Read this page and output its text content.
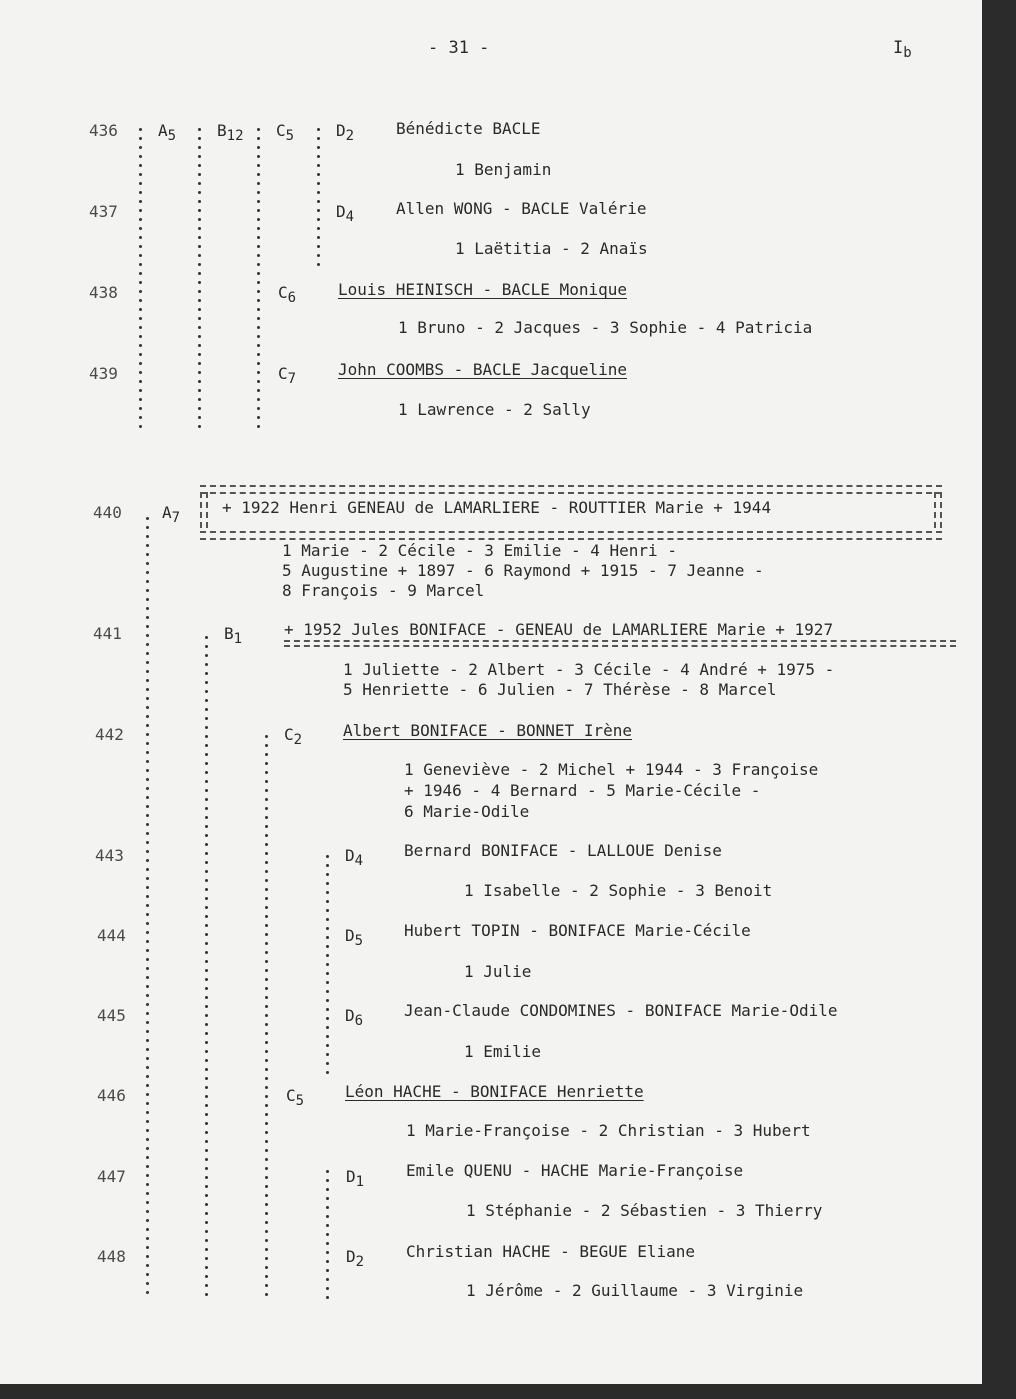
- 31 -	$I_b$
436	$A_5$	$B_{12}$ $C_5$	$D_2$	Bénédicte BACLE
1 Benjamin
437	$D_4$	Allen WONG - BACLE Valérie
1 Laëtitia - 2 Anaïs
438	$C_6$	Louis HEINISCH - BACLE Monique
1 Bruno - 2 Jacques - 3 Sophie - 4 Patricia
439	$C_7$	John COOMBS - BACLE Jacqueline
1 Lawrence - 2 Sally
440	$A_7$
+ 1922 Henri GENEAU de LAMARLIERE - ROUTTIER Marie + 1944
1 Marie - 2 Cécile - 3 Emilie - 4 Henri -
5 Augustine + 1897 - 6 Raymond + 1915 - 7 Jeanne -
8 François - 9 Marcel
441	$B_1$	+ 1952 Jules BONIFACE - GENEAU de LAMARLIERE Marie + 1927
1 Juliette - 2 Albert - 3 Cécile - 4 André + 1975 -
5 Henriette - 6 Julien - 7 Thérèse - 8 Marcel
442	$C_2$	Albert BONIFACE - BONNET Irène
1 Geneviève - 2 Michel + 1944 - 3 Françoise
+ 1946 - 4 Bernard - 5 Marie-Cécile -
6 Marie-Odile
443	$D_4$
Bernard BONIFACE - LALLOUE Denise
1 Isabelle - 2 Sophie - 3 Benoit
444	$D_5$
Hubert TOPIN - BONIFACE Marie-Cécile
1 Julie
445	$D_6$
Jean-Claude CONDOMINES - BONIFACE Marie-Odile
1 Emilie
446	$C_5$	Léon HACHE - BONIFACE Henriette
1 Marie-Françoise - 2 Christian - 3 Hubert
447	$D_1$
Emile QUENU - HACHE Marie-Françoise
1 Stéphanie - 2 Sébastien - 3 Thierry
448	$D_2$
Christian HACHE - BEGUE Eliane
1 Jérôme - 2 Guillaume - 3 Virginie
